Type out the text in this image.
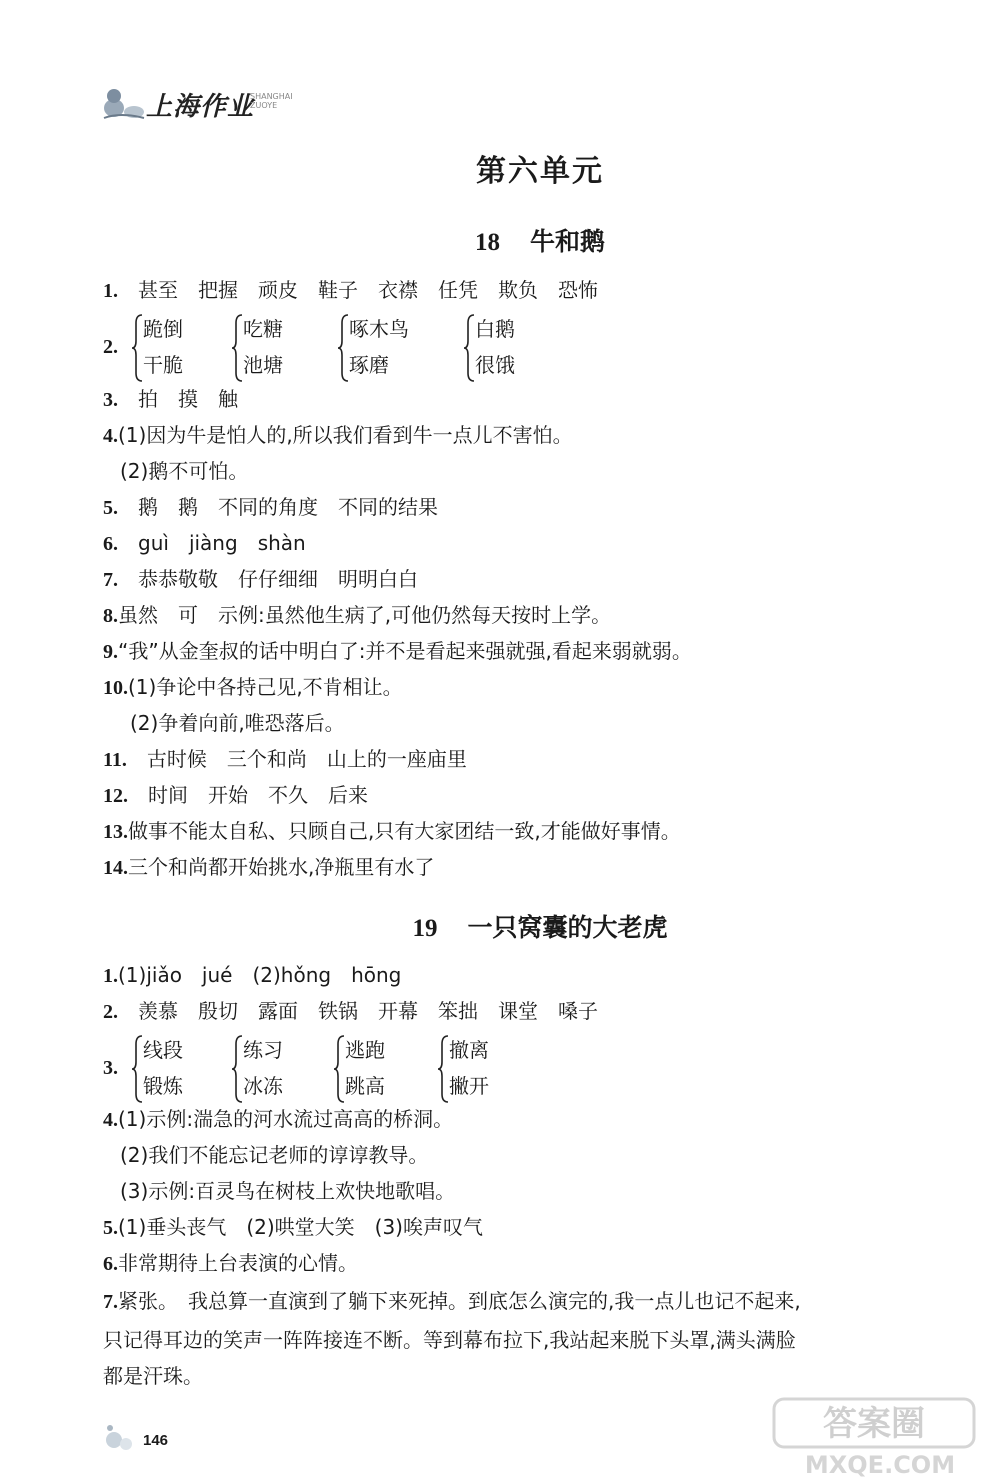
上海作业
SHANGHAI ZUOYE
第六单元
18 牛和鹅
1. 甚至 把握 顽皮 鞋子 衣襟 任凭 欺负 恐怖
2.
跪倒
干脆
吃糖
池塘
啄木鸟
琢磨
白鹅
很饿
3. 拍 摸 触
4.(1)因为牛是怕人的,所以我们看到牛一点儿不害怕。
(2)鹅不可怕。
5. 鹅 鹅 不同的角度 不同的结果
6. guì jiàng shàn
7. 恭恭敬敬 仔仔细细 明明白白
8.虽然　可　示例:虽然他生病了,可他仍然每天按时上学。
9.“我”从金奎叔的话中明白了:并不是看起来强就强,看起来弱就弱。
10.(1)争论中各持己见,不肯相让。
(2)争着向前,唯恐落后。
11. 古时候 三个和尚 山上的一座庙里
12. 时间 开始 不久 后来
13.做事不能太自私、只顾自己,只有大家团结一致,才能做好事情。
14.三个和尚都开始挑水,净瓶里有水了
19 一只窝囊的大老虎
1.(1)jiǎo　jué　(2)hǒng　hōng
2. 羡慕 殷切 露面 铁锅 开幕 笨拙 课堂 嗓子
3.
线段
锻炼
练习
冰冻
逃跑
跳高
撤离
撇开
4.(1)示例:湍急的河水流过高高的桥洞。
(2)我们不能忘记老师的谆谆教导。
(3)示例:百灵鸟在树枝上欢快地歌唱。
5.(1)垂头丧气　(2)哄堂大笑　(3)唉声叹气
6.非常期待上台表演的心情。
7.紧张。　我总算一直演到了躺下来死掉。到底怎么演完的,我一点儿也记不起来,
只记得耳边的笑声一阵阵接连不断。等到幕布拉下,我站起来脱下头罩,满头满脸
都是汗珠。
146	答案圈
MXQE.COM
